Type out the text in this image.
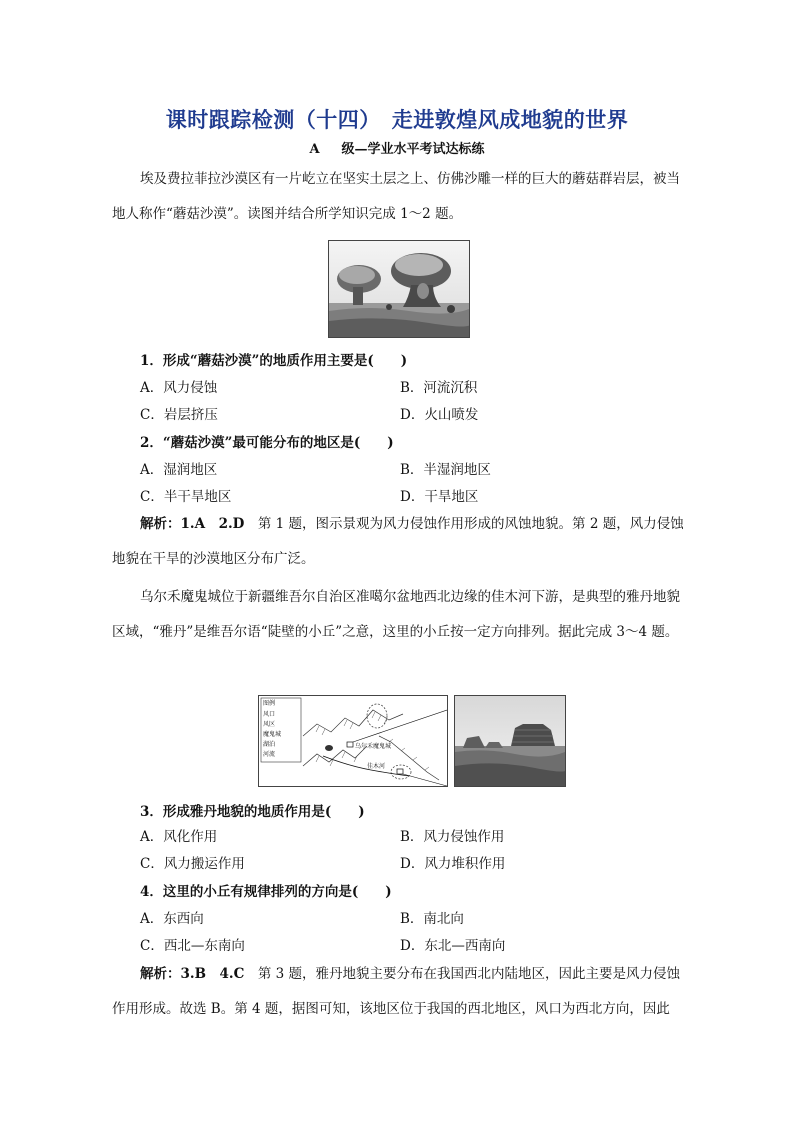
课时跟踪检测（十四）　走进敦煌风成地貌的世界
A 级—学业水平考试达标练
埃及费拉菲拉沙漠区有一片屹立在坚实土层之上、仿佛沙雕一样的巨大的蘑菇群岩层，被当地人称作“蘑菇沙漠”。读图并结合所学知识完成 1～2 题。
1．形成“蘑菇沙漠”的地质作用主要是(　　)
A．风力侵蚀	B．河流沉积
C．岩层挤压	D．火山喷发
2．“蘑菇沙漠”最可能分布的地区是(　　)
A．湿润地区	B．半湿润地区
C．半干旱地区	D．干旱地区
解析：1.A　2.D　第 1 题，图示景观为风力侵蚀作用形成的风蚀地貌。第 2 题，风力侵蚀地貌在干旱的沙漠地区分布广泛。
乌尔禾魔鬼城位于新疆维吾尔自治区准噶尔盆地西北边缘的佳木河下游，是典型的雅丹地貌区域，“雅丹”是维吾尔语“陡壁的小丘”之意，这里的小丘按一定方向排列。据此完成 3～4 题。
图例
风口
风区
魔鬼城
湖泊
河流
乌尔禾魔鬼城
佳木河
3．形成雅丹地貌的地质作用是(　　)
A．风化作用	B．风力侵蚀作用
C．风力搬运作用	D．风力堆积作用
4．这里的小丘有规律排列的方向是(　　)
A．东西向	B．南北向
C．西北—东南向	D．东北—西南向
解析：3.B　4.C　第 3 题，雅丹地貌主要分布在我国西北内陆地区，因此主要是风力侵蚀作用形成。故选 B。第 4 题，据图可知，该地区位于我国的西北地区，风口为西北方向，因此
